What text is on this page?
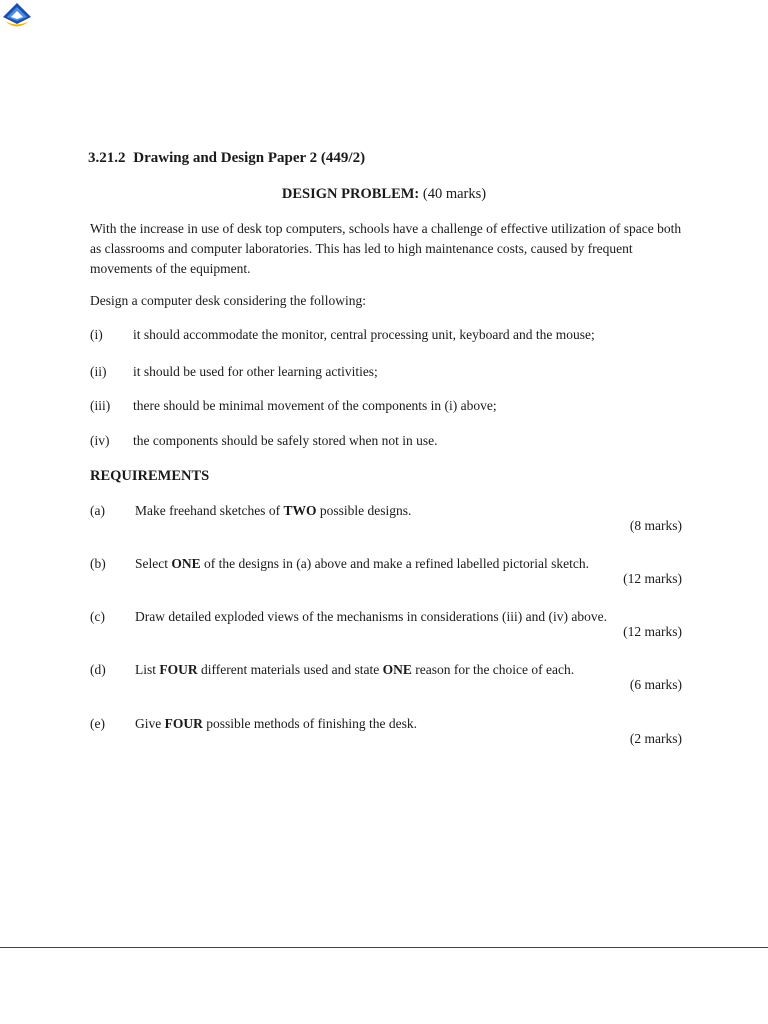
3.21.2 Drawing and Design Paper 2 (449/2)
DESIGN PROBLEM: (40 marks)
With the increase in use of desk top computers, schools have a challenge of effective utilization of space both as classrooms and computer laboratories. This has led to high maintenance costs, caused by frequent movements of the equipment.
Design a computer desk considering the following:
(i) it should accommodate the monitor, central processing unit, keyboard and the mouse;
(ii) it should be used for other learning activities;
(iii) there should be minimal movement of the components in (i) above;
(iv) the components should be safely stored when not in use.
REQUIREMENTS
(a) Make freehand sketches of TWO possible designs.
(8 marks)
(b) Select ONE of the designs in (a) above and make a refined labelled pictorial sketch.
(12 marks)
(c) Draw detailed exploded views of the mechanisms in considerations (iii) and (iv) above.
(12 marks)
(d) List FOUR different materials used and state ONE reason for the choice of each.
(6 marks)
(e) Give FOUR possible methods of finishing the desk.
(2 marks)
